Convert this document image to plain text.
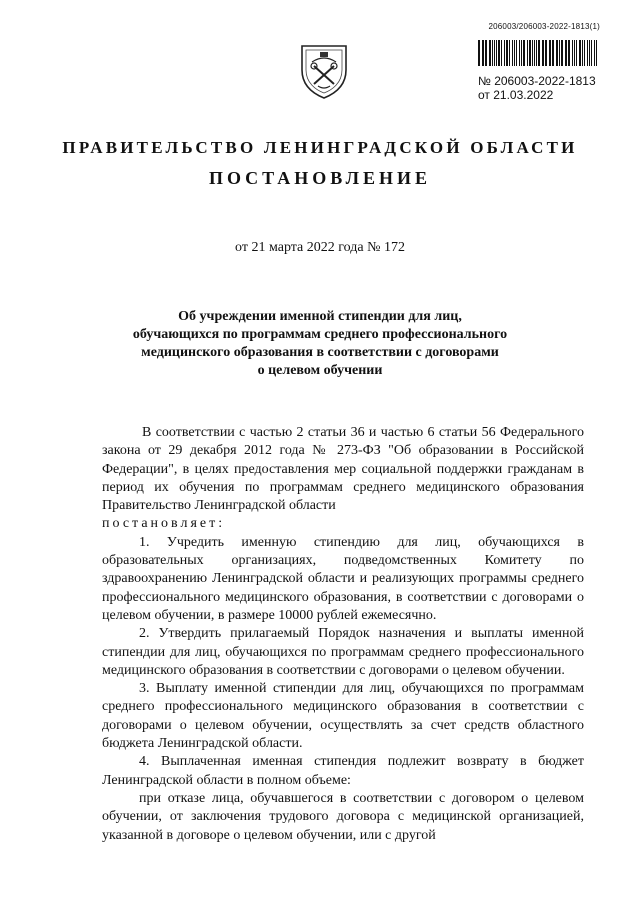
206003/206003-2022-1813(1)
№ 206003-2022-1813
от 21.03.2022
ПРАВИТЕЛЬСТВО ЛЕНИНГРАДСКОЙ ОБЛАСТИ
ПОСТАНОВЛЕНИЕ
от 21 марта 2022 года № 172
Об учреждении именной стипендии для лиц,
обучающихся по программам среднего профессионального
медицинского образования в соответствии с договорами
о целевом обучении

В соответствии с частью 2 статьи 36 и частью 6 статьи 56 Федерального закона от 29 декабря 2012 года № 273-ФЗ "Об образовании в Российской Федерации", в целях предоставления мер социальной поддержки гражданам в период их обучения по программам среднего медицинского образования Правительство Ленинградской области

постановляет:

1. Учредить именную стипендию для лиц, обучающихся в образовательных организациях, подведомственных Комитету по здравоохранению Ленинградской области и реализующих программы среднего профессионального медицинского образования, в соответствии с договорами о целевом обучении, в размере 10000 рублей ежемесячно.

2. Утвердить прилагаемый Порядок назначения и выплаты именной стипендии для лиц, обучающихся по программам среднего профессионального медицинского образования в соответствии с договорами о целевом обучении.

3. Выплату именной стипендии для лиц, обучающихся по программам среднего профессионального медицинского образования в соответствии с договорами о целевом обучении, осуществлять за счет средств областного бюджета Ленинградской области.

4. Выплаченная именная стипендия подлежит возврату в бюджет Ленинградской области в полном объеме:

при отказе лица, обучавшегося в соответствии с договором о целевом обучении, от заключения трудового договора с медицинской организацией, указанной в договоре о целевом обучении, или с другой
